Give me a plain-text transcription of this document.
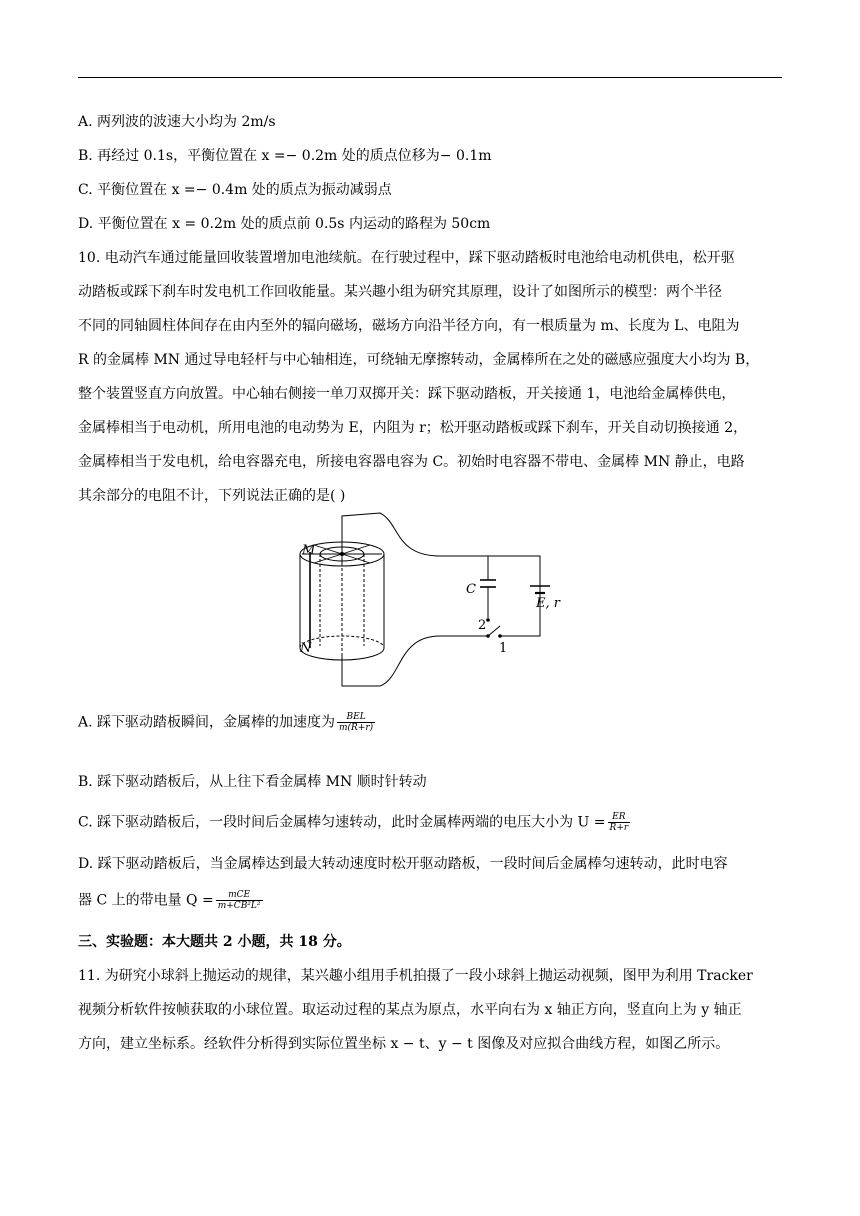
A. 两列波的波速大小均为 2m/s
B. 再经过 0.1s，平衡位置在 x =− 0.2m 处的质点位移为− 0.1m
C. 平衡位置在 x =− 0.4m 处的质点为振动减弱点
D. 平衡位置在 x = 0.2m 处的质点前 0.5s 内运动的路程为 50cm
10. 电动汽车通过能量回收装置增加电池续航。在行驶过程中，踩下驱动踏板时电池给电动机供电，松开驱
动踏板或踩下刹车时发电机工作回收能量。某兴趣小组为研究其原理，设计了如图所示的模型：两个半径
不同的同轴圆柱体间存在由内至外的辐向磁场，磁场方向沿半径方向，有一根质量为 m、长度为 L、电阻为
R 的金属棒 MN 通过导电轻杆与中心轴相连，可绕轴无摩擦转动，金属棒所在之处的磁感应强度大小均为 B，
整个装置竖直方向放置。中心轴右侧接一单刀双掷开关：踩下驱动踏板，开关接通 1，电池给金属棒供电，
金属棒相当于电动机，所用电池的电动势为 E，内阻为 r；松开驱动踏板或踩下刹车，开关自动切换接通 2，
金属棒相当于发电机，给电容器充电，所接电容器电容为 C。初始时电容器不带电、金属棒 MN 静止，电路
其余部分的电阻不计，下列说法正确的是( )
M
N
C
E, r
2
1
A. 踩下驱动踏板瞬间，金属棒的加速度为 $\frac{\text{BEL}}{m(R+r)}$
B. 踩下驱动踏板后，从上往下看金属棒 MN 顺时针转动
C. 踩下驱动踏板后，一段时间后金属棒匀速转动，此时金属棒两端的电压大小为 $U = \frac{ER}{R+r}$
D. 踩下驱动踏板后，当金属棒达到最大转动速度时松开驱动踏板，一段时间后金属棒匀速转动，此时电容
器 C 上的带电量 $Q = \frac{\text{mCE}}{\text{m+CB²L²}}$
三、实验题：本大题共 2 小题，共 18 分。
11. 为研究小球斜上抛运动的规律，某兴趣小组用手机拍摄了一段小球斜上抛运动视频，图甲为利用 Tracker
视频分析软件按帧获取的小球位置。取运动过程的某点为原点，水平向右为 x 轴正方向，竖直向上为 y 轴正
方向，建立坐标系。经软件分析得到实际位置坐标 x − t、y − t 图像及对应拟合曲线方程，如图乙所示。
